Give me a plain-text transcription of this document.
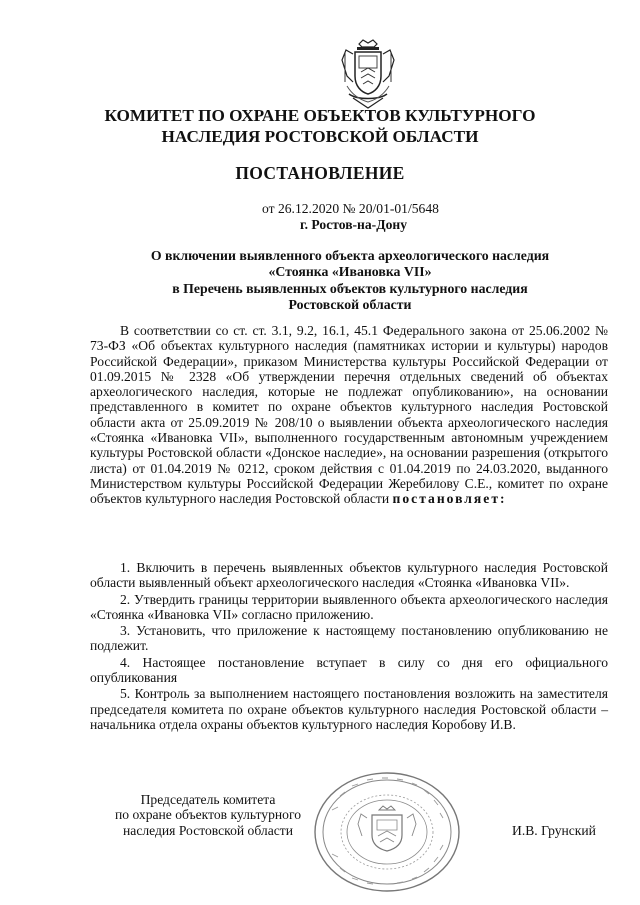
КОМИТЕТ ПО ОХРАНЕ ОБЪЕКТОВ КУЛЬТУРНОГО
НАСЛЕДИЯ РОСТОВСКОЙ ОБЛАСТИ
ПОСТАНОВЛЕНИЕ
от 26.12.2020 № 20/01-01/5648
г. Ростов-на-Дону
О включении выявленного объекта археологического наследия
«Стоянка «Ивановка VII»
в Перечень выявленных объектов культурного наследия
Ростовской области

В соответствии со ст. ст. 3.1, 9.2, 16.1, 45.1 Федерального закона от 25.06.2002 № 73-ФЗ «Об объектах культурного наследия (памятниках истории и культуры) народов Российской Федерации», приказом Министерства культуры Российской Федерации от 01.09.2015 № 2328 «Об утверждении перечня отдельных сведений об объектах археологического наследия, которые не подлежат опубликованию», на основании представленного в комитет по охране объектов культурного наследия Ростовской области акта от 25.09.2019 № 208/10 о выявлении объекта археологического наследия «Стоянка «Ивановка VII», выполненного государственным автономным учреждением культуры Ростовской области «Донское наследие», на основании разрешения (открытого листа) от 01.04.2019 № 0212, сроком действия с 01.04.2019 по 24.03.2020, выданного Министерством культуры Российской Федерации Жеребилову С.Е., комитет по охране объектов культурного наследия Ростовской области постановляет:

1. Включить в перечень выявленных объектов культурного наследия Ростовской области выявленный объект археологического наследия «Стоянка «Ивановка VII».

2. Утвердить границы территории выявленного объекта археологического наследия «Стоянка «Ивановка VII» согласно приложению.

3. Установить, что приложение к настоящему постановлению опубликованию не подлежит.

4. Настоящее постановление вступает в силу со дня его официального опубликования

5. Контроль за выполнением настоящего постановления возложить на заместителя председателя комитета по охране объектов культурного наследия Ростовской области – начальника отдела охраны объектов культурного наследия Коробову И.В.

Председатель комитета
по охране объектов культурного
наследия Ростовской области	И.В. Грунский
